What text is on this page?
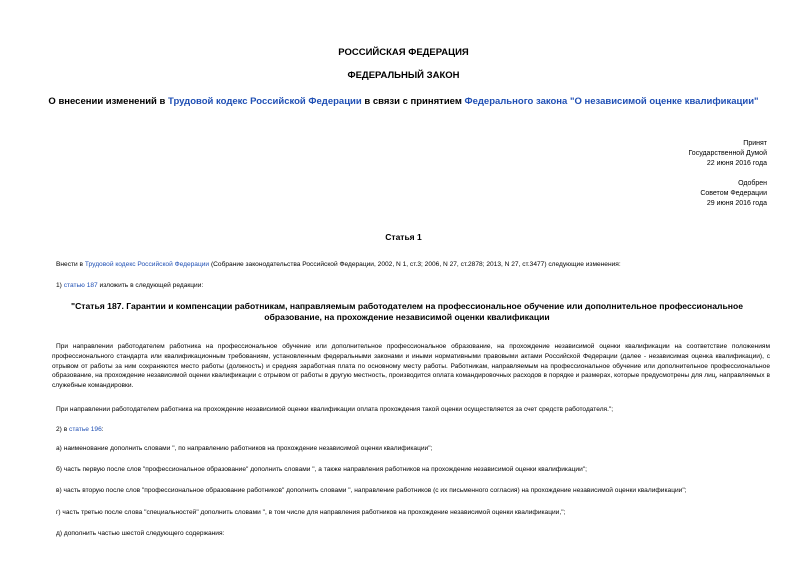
РОССИЙСКАЯ ФЕДЕРАЦИЯ
ФЕДЕРАЛЬНЫЙ ЗАКОН
О внесении изменений в Трудовой кодекс Российской Федерации в связи с принятием Федерального закона "О независимой оценке квалификации"
Принят
Государственной Думой
22 июня 2016 года
Одобрен
Советом Федерации
29 июня 2016 года
Статья 1
Внести в Трудовой кодекс Российской Федерации (Собрание законодательства Российской Федерации, 2002, N 1, ст.3; 2006, N 27, ст.2878; 2013, N 27, ст.3477) следующие изменения:
1) статью 187 изложить в следующей редакции:
"Статья 187. Гарантии и компенсации работникам, направляемым работодателем на профессиональное обучение или дополнительное профессиональное образование, на прохождение независимой оценки квалификации
При направлении работодателем работника на профессиональное обучение или дополнительное профессиональное образование, на прохождение независимой оценки квалификации на соответствие положениям профессионального стандарта или квалификационным требованиям, установленным федеральными законами и иными нормативными правовыми актами Российской Федерации (далее - независимая оценка квалификации), с отрывом от работы за ним сохраняются место работы (должность) и средняя заработная плата по основному месту работы. Работникам, направляемым на профессиональное обучение или дополнительное профессиональное образование, на прохождение независимой оценки квалификации с отрывом от работы в другую местность, производится оплата командировочных расходов в порядке и размерах, которые предусмотрены для лиц, направляемых в служебные командировки.
При направлении работодателем работника на прохождение независимой оценки квалификации оплата прохождения такой оценки осуществляется за счет средств работодателя.";
2) в статье 196:
а) наименование дополнить словами ", по направлению работников на прохождение независимой оценки квалификации";
б) часть первую после слов "профессиональное образование" дополнить словами ", а также направления работников на прохождение независимой оценки квалификации";
в) часть вторую после слов "профессиональное образование работников" дополнить словами ", направление работников (с их письменного согласия) на прохождение независимой оценки квалификации";
г) часть третью после слова "специальностей" дополнить словами ", в том числе для направления работников на прохождение независимой оценки квалификации,";
д) дополнить частью шестой следующего содержания:
